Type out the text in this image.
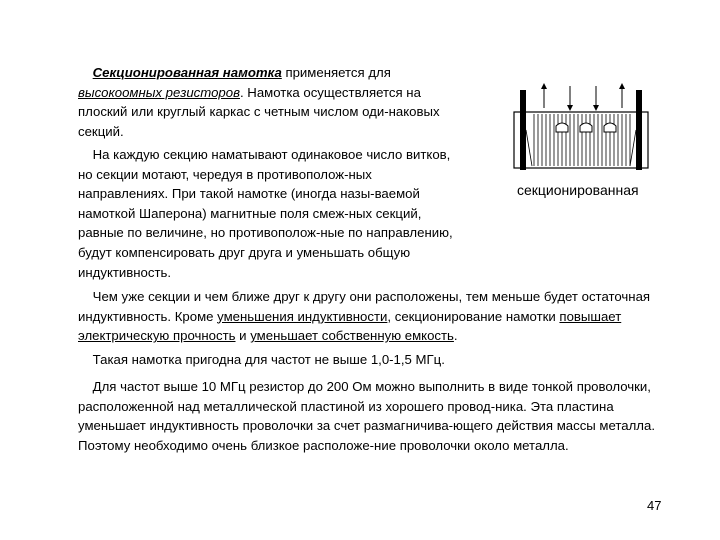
Секционированная намотка применяется для высокоомных резисторов. Намотка осуществляется на плоский или круглый каркас с четным числом оди-наковых секций.

На каждую секцию наматывают одинаковое число витков, но секции мотают, чередуя в противополож-ных направлениях. При такой намотке (иногда назы-ваемой намоткой Шаперона) магнитные поля смеж-ных секций, равные по величине, но противополож-ные по направлению, будут компенсировать друг друга и уменьшать общую индуктивность.

Чем уже секции и чем ближе друг к другу они расположены, тем меньше будет остаточная индуктивность. Кроме уменьшения индуктивности, секционирование намотки повышает электрическую прочность и уменьшает собственную емкость.

Такая намотка пригодна для частот не выше 1,0-1,5 МГц.

Для частот выше 10 МГц резистор до 200 Ом можно выполнить в виде тонкой проволочки, расположенной над металлической пластиной из хорошего провод-ника. Эта пластина уменьшает индуктивность проволочки за счет размагничива-ющего действия массы металла. Поэтому необходимо очень близкое расположе-ние проволочки около металла.

секционированная
47
